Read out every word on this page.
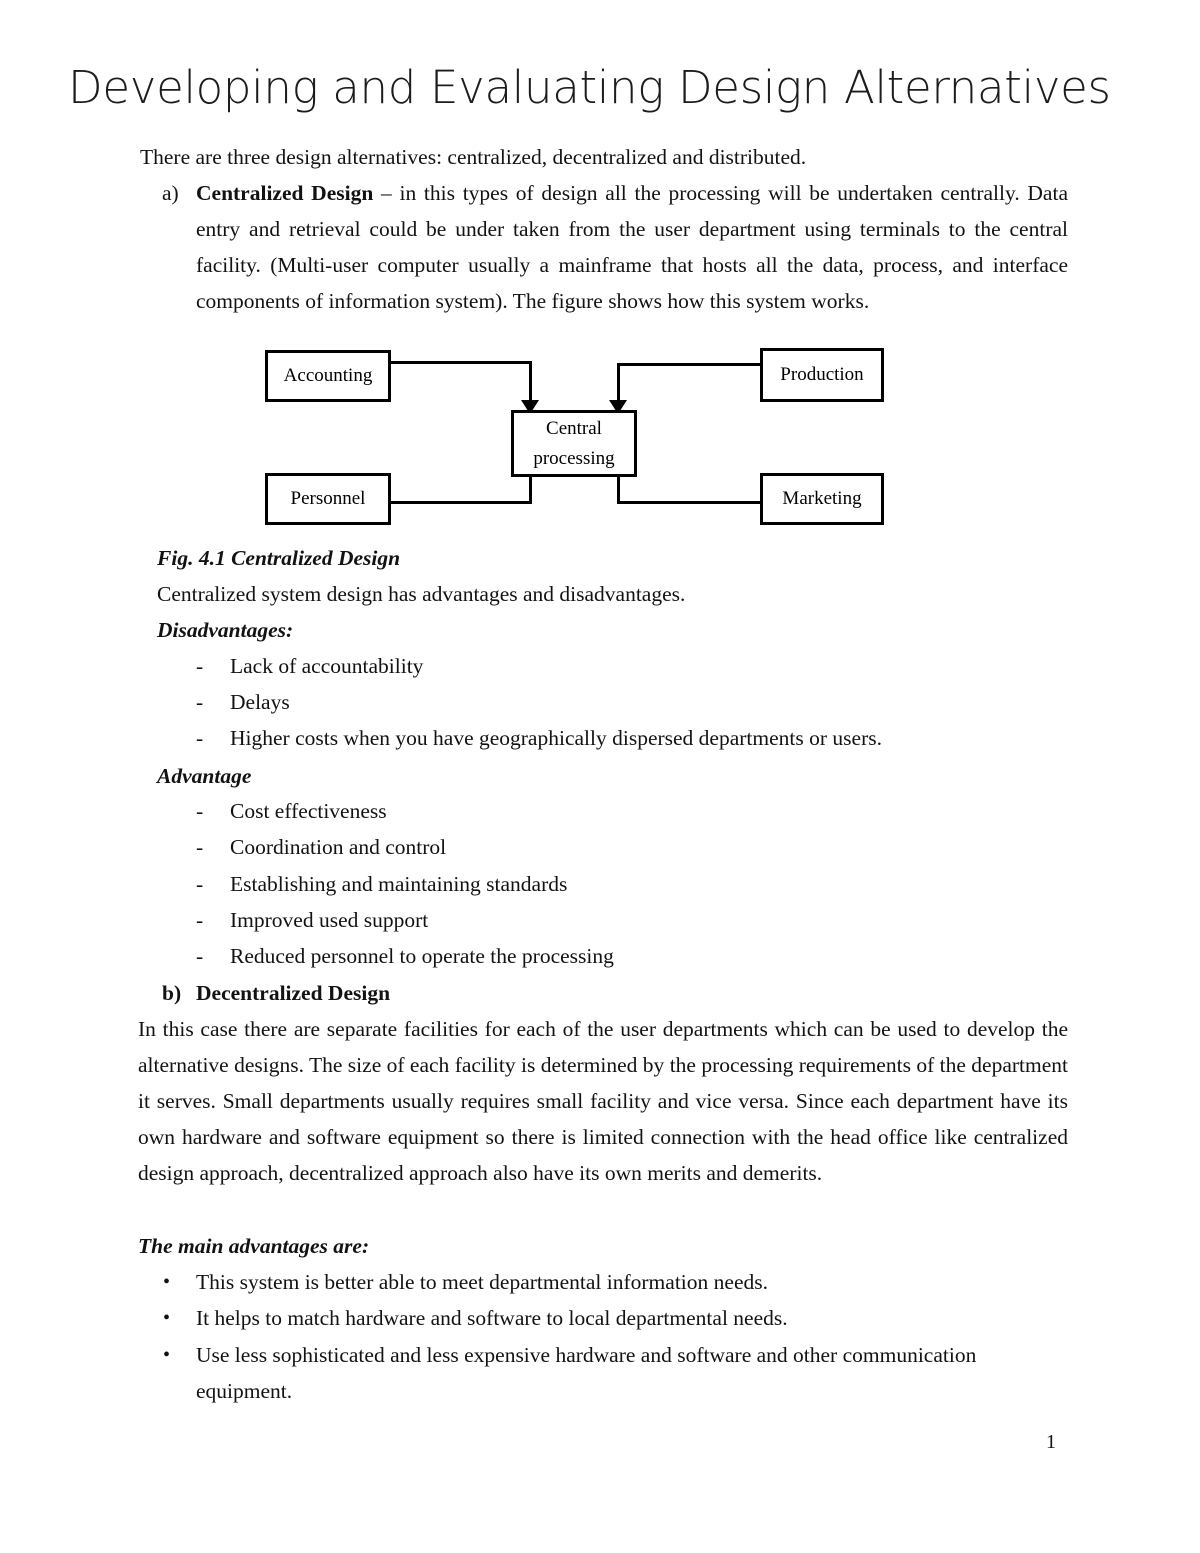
Developing and Evaluating Design Alternatives
There are three design alternatives: centralized, decentralized and distributed.
a) Centralized Design – in this types of design all the processing will be undertaken centrally. Data entry and retrieval could be under taken from the user department using terminals to the central facility. (Multi-user computer usually a mainframe that hosts all the data, process, and interface components of information system). The figure shows how this system works.
Accounting	Production
Personnel	Marketing
Central
processing
Fig. 4.1 Centralized Design
Centralized system design has advantages and disadvantages.
Disadvantages:
- Lack of accountability
- Delays
- Higher costs when you have geographically dispersed departments or users.
Advantage
- Cost effectiveness
- Coordination and control
- Establishing and maintaining standards
- Improved used support
- Reduced personnel to operate the processing
b) Decentralized Design
In this case there are separate facilities for each of the user departments which can be used to develop the alternative designs. The size of each facility is determined by the processing requirements of the department it serves. Small departments usually requires small facility and vice versa. Since each department have its own hardware and software equipment so there is limited connection with the head office like centralized design approach, decentralized approach also have its own merits and demerits.
The main advantages are:
• This system is better able to meet departmental information needs.
• It helps to match hardware and software to local departmental needs.
• Use less sophisticated and less expensive hardware and software and other communication equipment.
1
